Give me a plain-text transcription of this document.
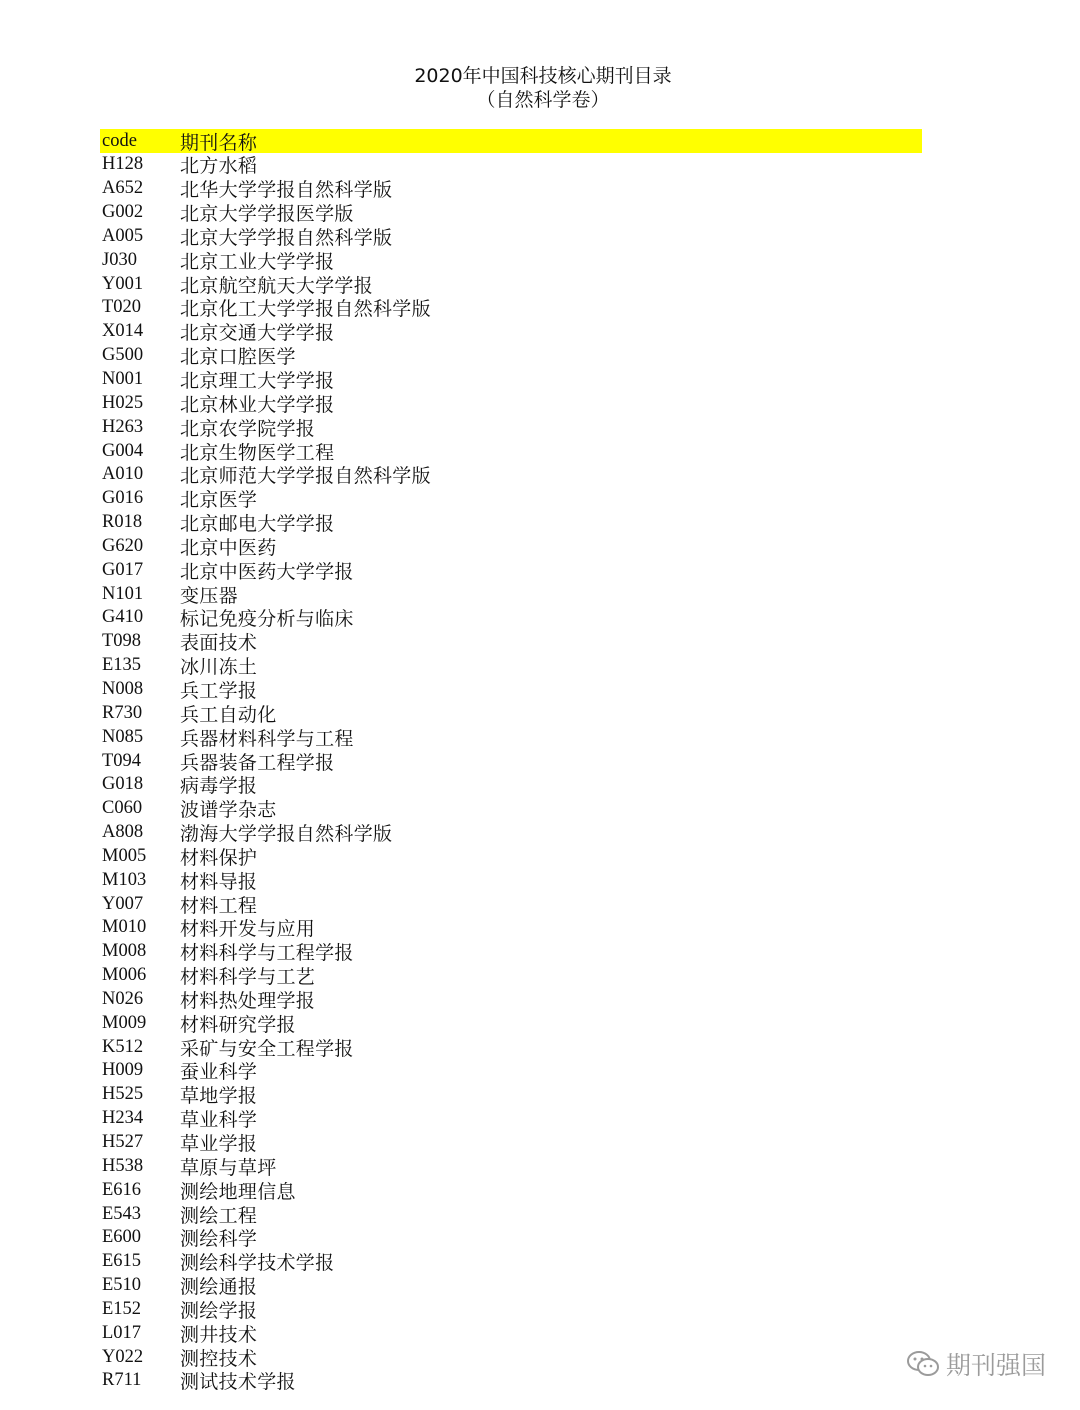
2020年中国科技核心期刊目录
（自然科学卷）
code	期刊名称
H128	北方水稻
A652	北华大学学报自然科学版
G002	北京大学学报医学版
A005	北京大学学报自然科学版
J030	北京工业大学学报
Y001	北京航空航天大学学报
T020	北京化工大学学报自然科学版
X014	北京交通大学学报
G500	北京口腔医学
N001	北京理工大学学报
H025	北京林业大学学报
H263	北京农学院学报
G004	北京生物医学工程
A010	北京师范大学学报自然科学版
G016	北京医学
R018	北京邮电大学学报
G620	北京中医药
G017	北京中医药大学学报
N101	变压器
G410	标记免疫分析与临床
T098	表面技术
E135	冰川冻土
N008	兵工学报
R730	兵工自动化
N085	兵器材料科学与工程
T094	兵器装备工程学报
G018	病毒学报
C060	波谱学杂志
A808	渤海大学学报自然科学版
M005	材料保护
M103	材料导报
Y007	材料工程
M010	材料开发与应用
M008	材料科学与工程学报
M006	材料科学与工艺
N026	材料热处理学报
M009	材料研究学报
K512	采矿与安全工程学报
H009	蚕业科学
H525	草地学报
H234	草业科学
H527	草业学报
H538	草原与草坪
E616	测绘地理信息
E543	测绘工程
E600	测绘科学
E615	测绘科学技术学报
E510	测绘通报
E152	测绘学报
L017	测井技术
Y022	测控技术
R711	测试技术学报
期刊强国
